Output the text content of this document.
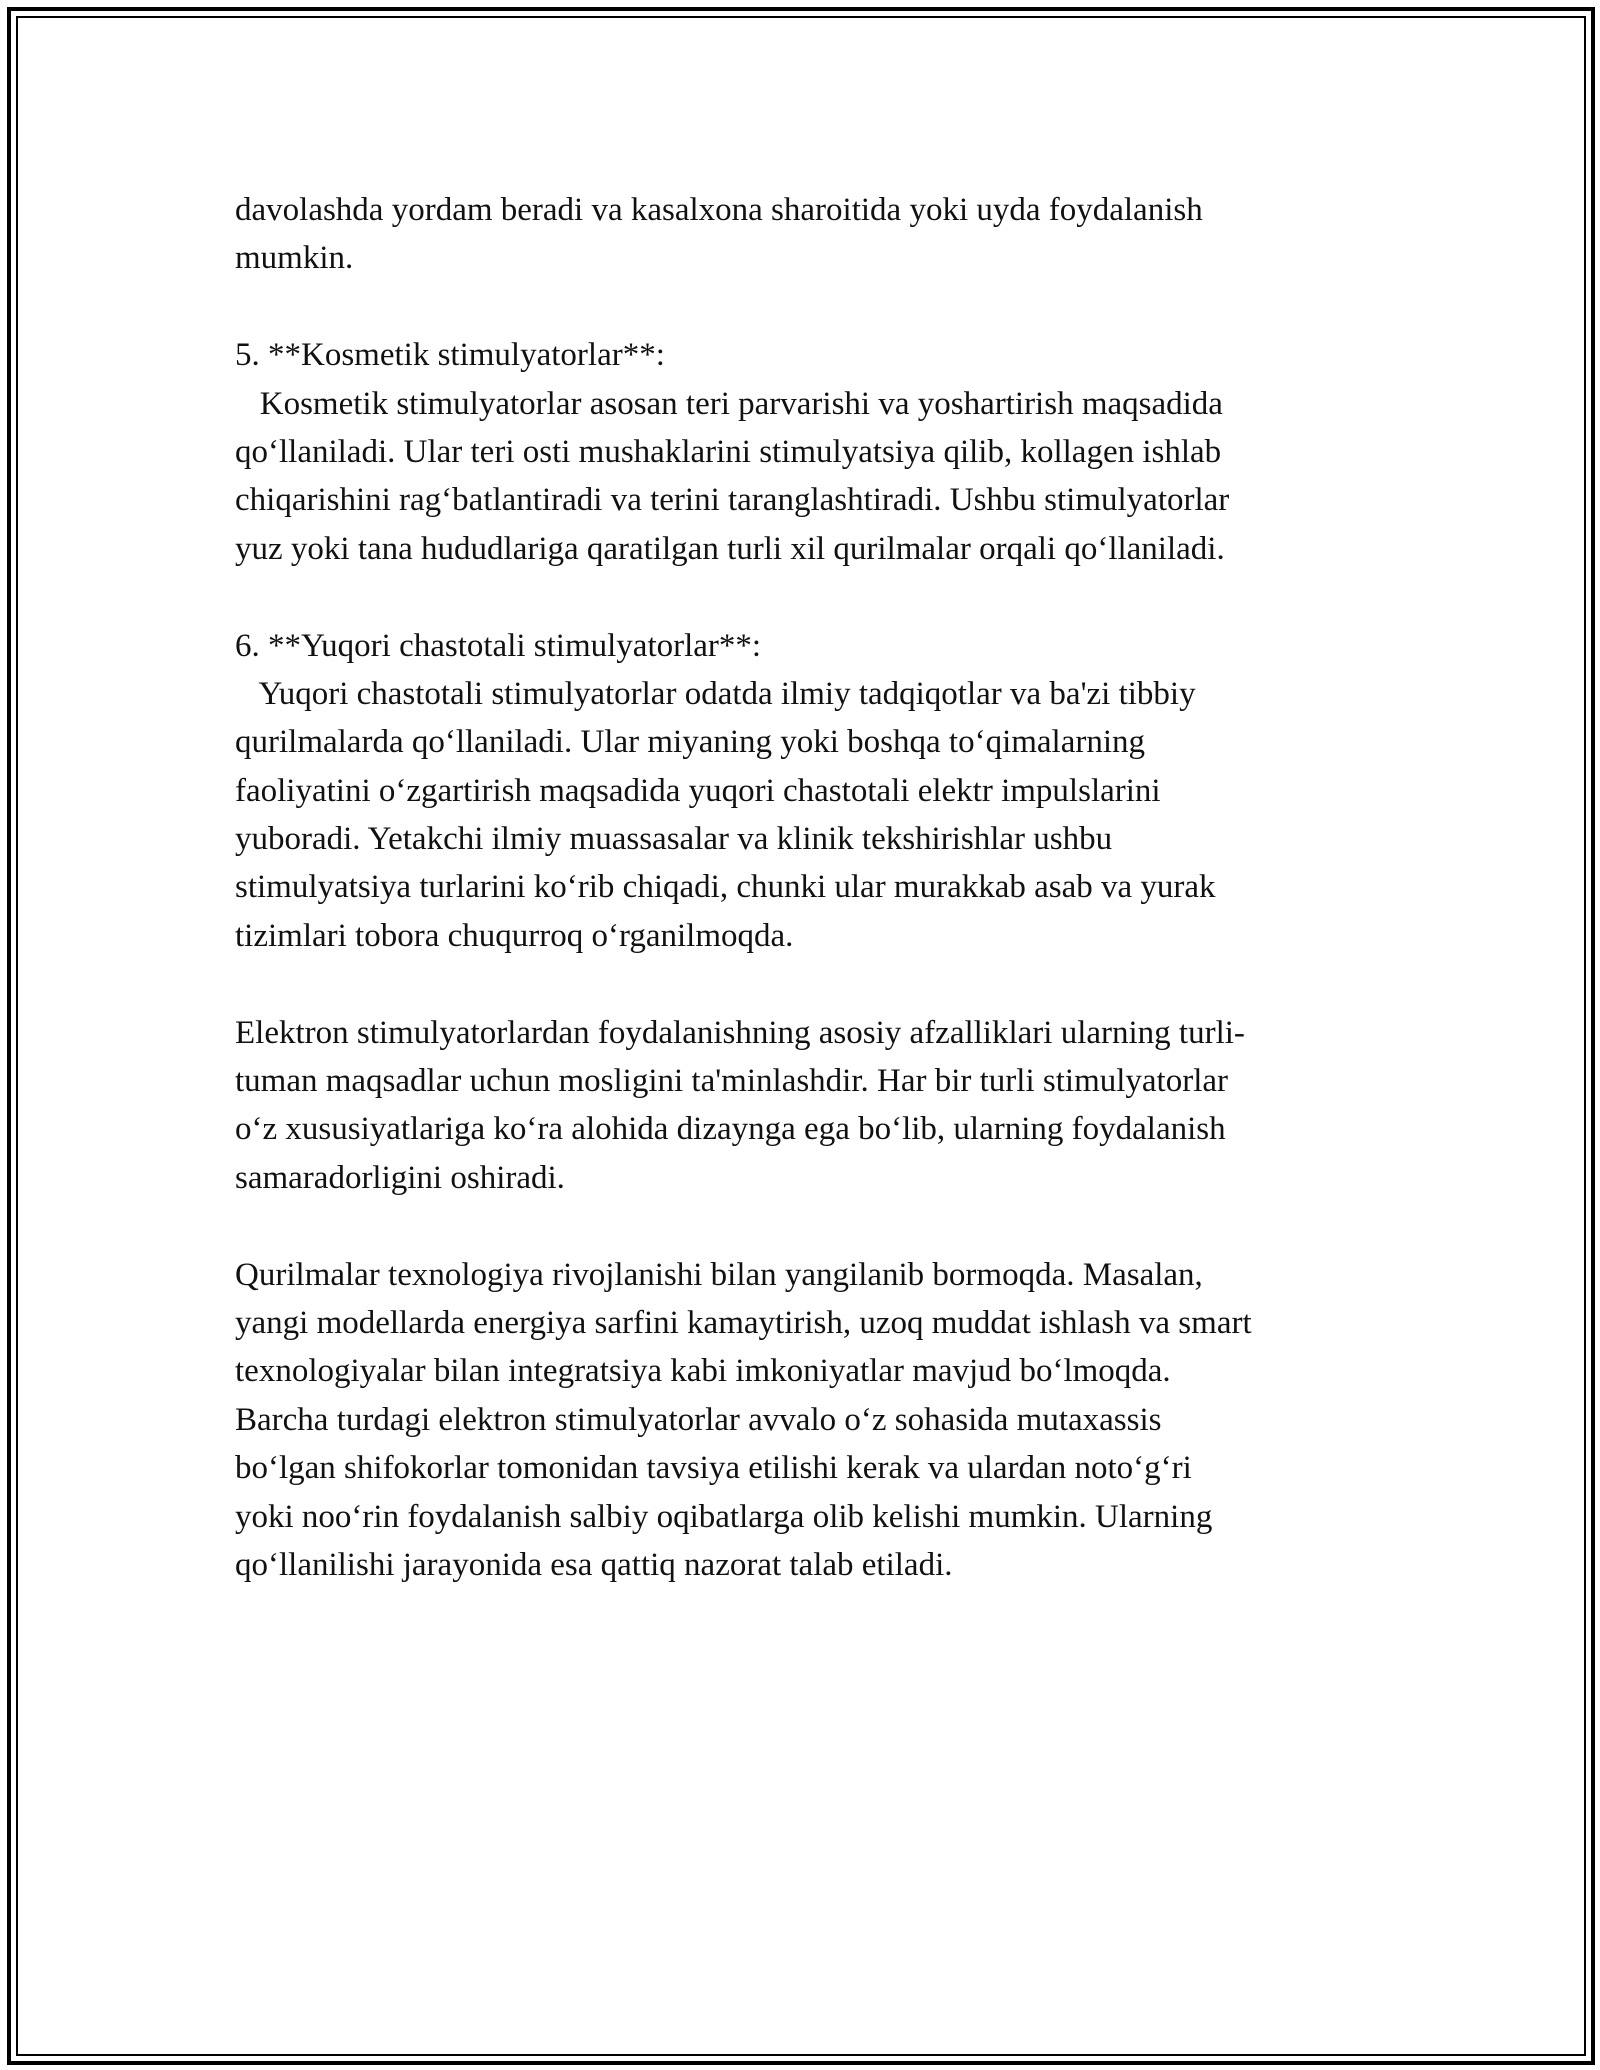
davolashda yordam beradi va kasalxona sharoitida yoki uyda foydalanish
mumkin.
5. **Kosmetik stimulyatorlar**:
Kosmetik stimulyatorlar asosan teri parvarishi va yoshartirish maqsadida
qo‘llaniladi. Ular teri osti mushaklarini stimulyatsiya qilib, kollagen ishlab
chiqarishini rag‘batlantiradi va terini taranglashtiradi. Ushbu stimulyatorlar
yuz yoki tana hududlariga qaratilgan turli xil qurilmalar orqali qo‘llaniladi.
6. **Yuqori chastotali stimulyatorlar**:
Yuqori chastotali stimulyatorlar odatda ilmiy tadqiqotlar va ba'zi tibbiy
qurilmalarda qo‘llaniladi. Ular miyaning yoki boshqa to‘qimalarning
faoliyatini o‘zgartirish maqsadida yuqori chastotali elektr impulslarini
yuboradi. Yetakchi ilmiy muassasalar va klinik tekshirishlar ushbu
stimulyatsiya turlarini ko‘rib chiqadi, chunki ular murakkab asab va yurak
tizimlari tobora chuqurroq o‘rganilmoqda.
Elektron stimulyatorlardan foydalanishning asosiy afzalliklari ularning turli-
tuman maqsadlar uchun mosligini ta'minlashdir. Har bir turli stimulyatorlar
o‘z xususiyatlariga ko‘ra alohida dizaynga ega bo‘lib, ularning foydalanish
samaradorligini oshiradi.
Qurilmalar texnologiya rivojlanishi bilan yangilanib bormoqda. Masalan,
yangi modellarda energiya sarfini kamaytirish, uzoq muddat ishlash va smart
texnologiyalar bilan integratsiya kabi imkoniyatlar mavjud bo‘lmoqda.
Barcha turdagi elektron stimulyatorlar avvalo o‘z sohasida mutaxassis
bo‘lgan shifokorlar tomonidan tavsiya etilishi kerak va ulardan noto‘g‘ri
yoki noo‘rin foydalanish salbiy oqibatlarga olib kelishi mumkin. Ularning
qo‘llanilishi jarayonida esa qattiq nazorat talab etiladi.
